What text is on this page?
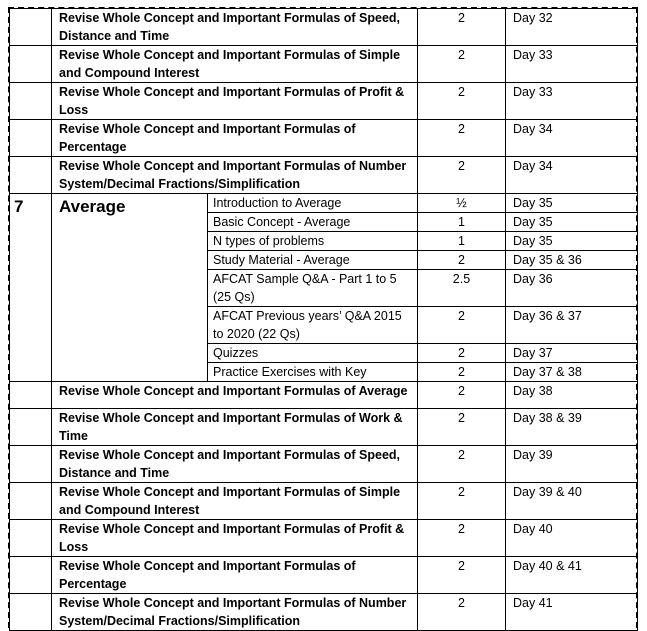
	Revise Whole Concept and Important Formulas of Speed, Distance and Time		2	Day 32
	Revise Whole Concept and Important Formulas of Simple and Compound Interest		2	Day 33
	Revise Whole Concept and Important Formulas of Profit & Loss		2	Day 33
	Revise Whole Concept and Important Formulas of Percentage		2	Day 34
	Revise Whole Concept and Important Formulas of Number System/Decimal Fractions/Simplification		2	Day 34
7	Average	Introduction to Average	½	Day 35
		Basic Concept - Average	1	Day 35
		N types of problems	1	Day 35
		Study Material - Average	2	Day 35 & 36
		AFCAT Sample Q&A - Part 1 to 5 (25 Qs)	2.5	Day 36
		AFCAT Previous years’ Q&A 2015 to 2020 (22 Qs)	2	Day 36 & 37
		Quizzes	2	Day 37
		Practice Exercises with Key	2	Day 37 & 38
	Revise Whole Concept and Important Formulas of Average		2	Day 38
	Revise Whole Concept and Important Formulas of Work & Time		2	Day 38 & 39
	Revise Whole Concept and Important Formulas of Speed, Distance and Time		2	Day 39
	Revise Whole Concept and Important Formulas of Simple and Compound Interest		2	Day 39 & 40
	Revise Whole Concept and Important Formulas of Profit & Loss		2	Day 40
	Revise Whole Concept and Important Formulas of Percentage		2	Day 40 & 41
	Revise Whole Concept and Important Formulas of Number System/Decimal Fractions/Simplification		2	Day 41
